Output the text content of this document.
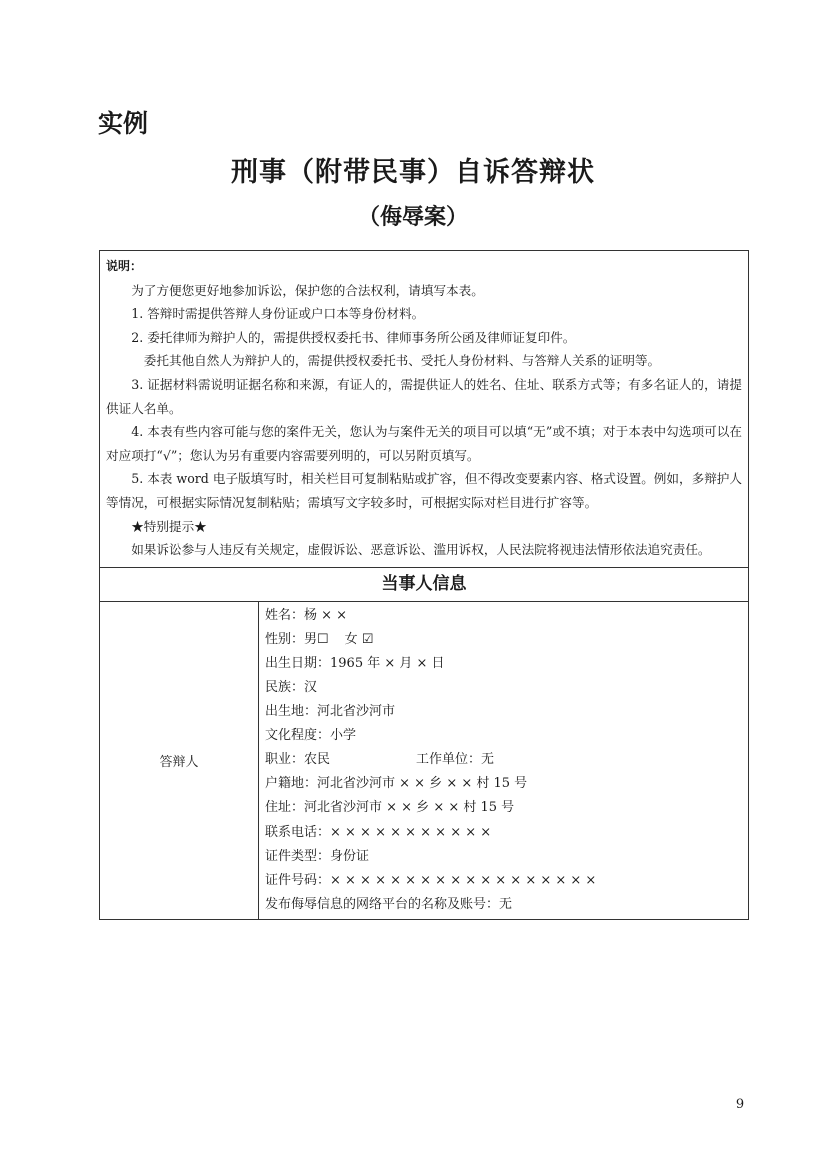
实例
刑事（附带民事）自诉答辩状
（侮辱案）
说明：
为了方便您更好地参加诉讼，保护您的合法权利，请填写本表。
1. 答辩时需提供答辩人身份证或户口本等身份材料。
2. 委托律师为辩护人的，需提供授权委托书、律师事务所公函及律师证复印件。
委托其他自然人为辩护人的，需提供授权委托书、受托人身份材料、与答辩人关系的证明等。
3. 证据材料需说明证据名称和来源，有证人的，需提供证人的姓名、住址、联系方式等；有多名证人的，请提供证人名单。
4. 本表有些内容可能与您的案件无关，您认为与案件无关的项目可以填“无”或不填；对于本表中勾选项可以在对应项打“√”；您认为另有重要内容需要列明的，可以另附页填写。
5. 本表 word 电子版填写时，相关栏目可复制粘贴或扩容，但不得改变要素内容、格式设置。例如，多辩护人等情况，可根据实际情况复制粘贴；需填写文字较多时，可根据实际对栏目进行扩容等。
★特别提示★
如果诉讼参与人违反有关规定，虚假诉讼、恶意诉讼、滥用诉权，人民法院将视违法情形依法追究责任。

当事人信息
答辩人	
姓名：杨 × ×
性别：男☐ 女 ☑
出生日期：1965 年 × 月 × 日
民族：汉
出生地：河北省沙河市
文化程度：小学
职业：农民	工作单位：无
户籍地：河北省沙河市 × × 乡 × × 村 15 号
住址：河北省沙河市 × × 乡 × × 村 15 号
联系电话：× × × × × × × × × × ×
证件类型：身份证
证件号码：× × × × × × × × × × × × × × × × × ×
发布侮辱信息的网络平台的名称及账号：无
9
